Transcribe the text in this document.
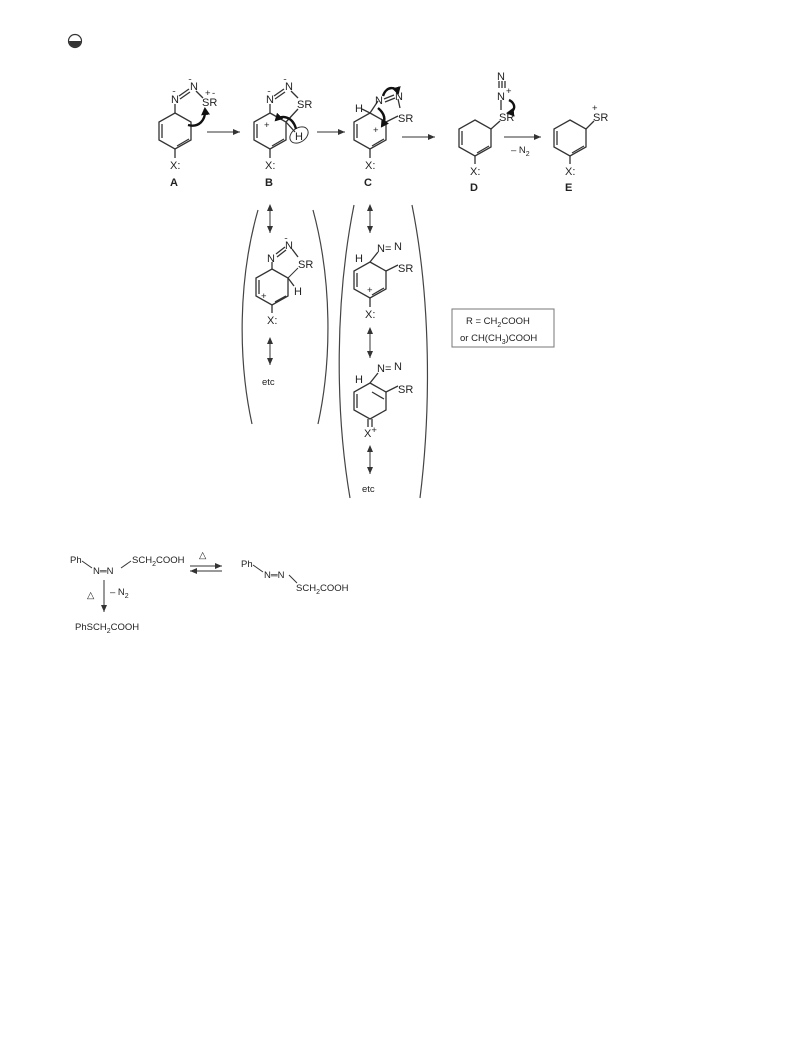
N
N
SR
+ -
X:
..
..
A
N
N
SR
H
+
X:
..
..
B
H
N N
SR
+
X:
C
N
N +
SR
X:
D
– $N_2$
SR
+
X:
E
N
N
SR
H
+
X:
..
etc
H
N= N
SR
+
X:
H
N= N
SR
X+
etc
$R = CH_2COOH$
or $CH(CH_3)COOH$
Ph
N═N
$SCH_2COOH$ △
Ph
N═N
$SCH_2COOH$
△ – $N_2$
PhSCH$_2$COOH
